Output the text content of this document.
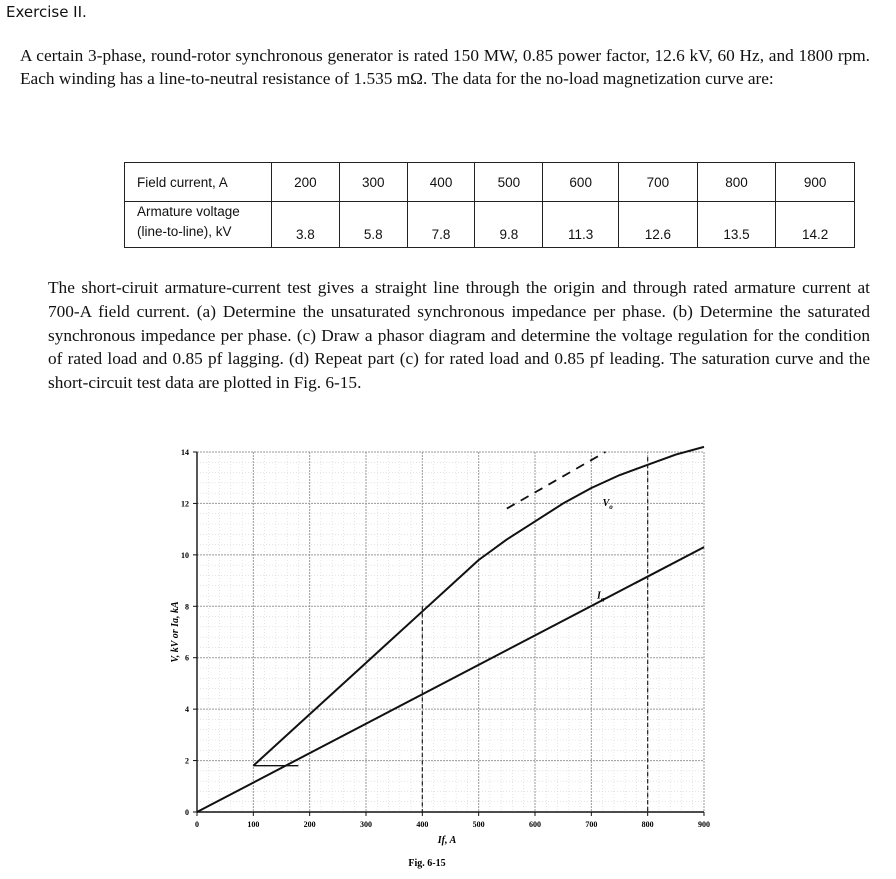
Exercise II.
A certain 3-phase, round-rotor synchronous generator is rated 150 MW, 0.85 power factor, 12.6 kV, 60 Hz, and 1800 rpm. Each winding has a line-to-neutral resistance of 1.535 mΩ. The data for the no-load magnetization curve are:
Field current, A	200	300	400	500	600	700	800	900
Armature voltage
(line-to-line), kV	3.8	5.8	7.8	9.8	11.3	12.6	13.5	14.2
The short-ciruit armature-current test gives a straight line through the origin and through rated armature current at 700-A field current. (a) Determine the unsaturated synchronous impedance per phase. (b) Determine the saturated synchronous impedance per phase. (c) Draw a phasor diagram and determine the voltage regulation for the condition of rated load and 0.85 pf lagging. (d) Repeat part (c) for rated load and 0.85 pf leading. The saturation curve and the short-circuit test data are plotted in Fig. 6-15.
0	100	200	300	400	500	600	700	800	900
0
2
4
6
8
10
12
14
$V_o$
$I_a$
If, A
V, kV or Ia, kA
Fig. 6-15
